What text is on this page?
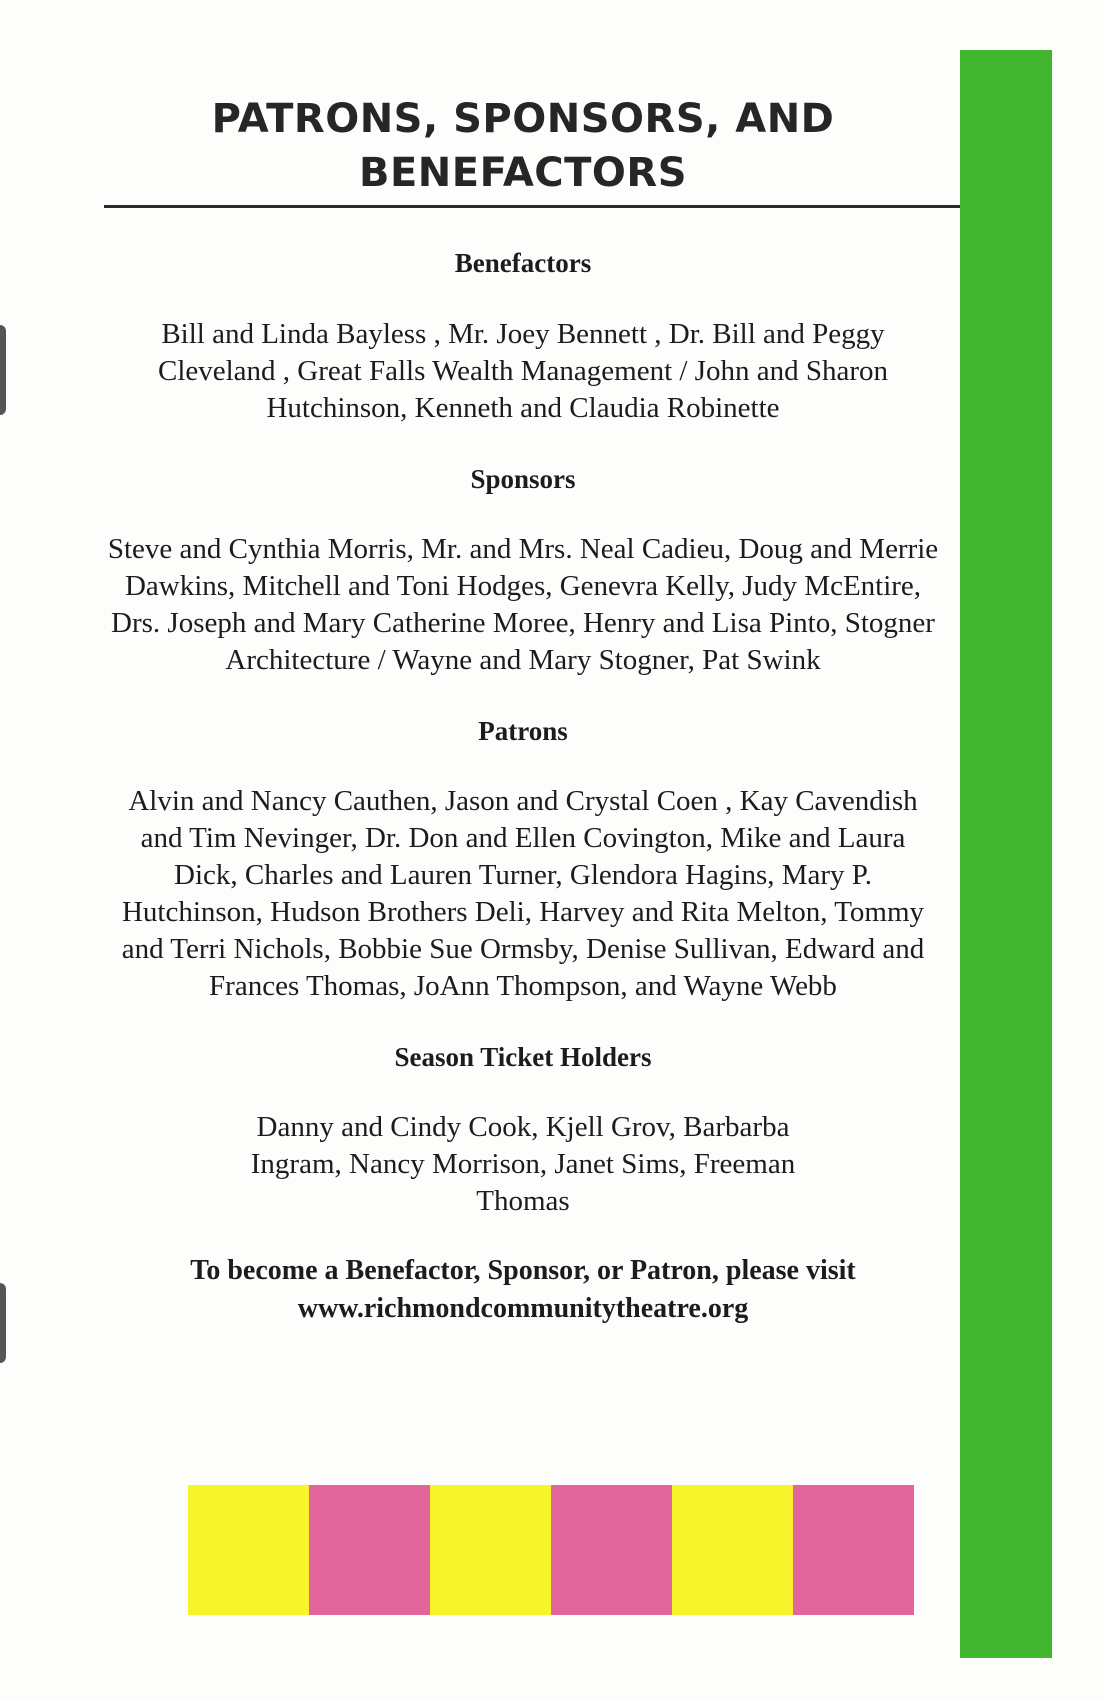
PATRONS, SPONSORS, AND BENEFACTORS
Benefactors

Bill and Linda Bayless , Mr. Joey Bennett , Dr. Bill and Peggy Cleveland , Great Falls Wealth Management / John and Sharon Hutchinson, Kenneth and Claudia Robinette

Sponsors

Steve and Cynthia Morris, Mr. and Mrs. Neal Cadieu, Doug and Merrie Dawkins, Mitchell and Toni Hodges, Genevra Kelly, Judy McEntire, Drs. Joseph and Mary Catherine Moree, Henry and Lisa Pinto, Stogner Architecture / Wayne and Mary Stogner, Pat Swink

Patrons

Alvin and Nancy Cauthen, Jason and Crystal Coen , Kay Cavendish and Tim Nevinger, Dr. Don and Ellen Covington, Mike and Laura Dick, Charles and Lauren Turner, Glendora Hagins, Mary P. Hutchinson, Hudson Brothers Deli, Harvey and Rita Melton, Tommy and Terri Nichols, Bobbie Sue Ormsby, Denise Sullivan, Edward and Frances Thomas, JoAnn Thompson, and Wayne Webb

Season Ticket Holders

Danny and Cindy Cook, Kjell Grov, Barbarba Ingram, Nancy Morrison, Janet Sims, Freeman Thomas

To become a Benefactor, Sponsor, or Patron, please visit
www.richmondcommunitytheatre.org
